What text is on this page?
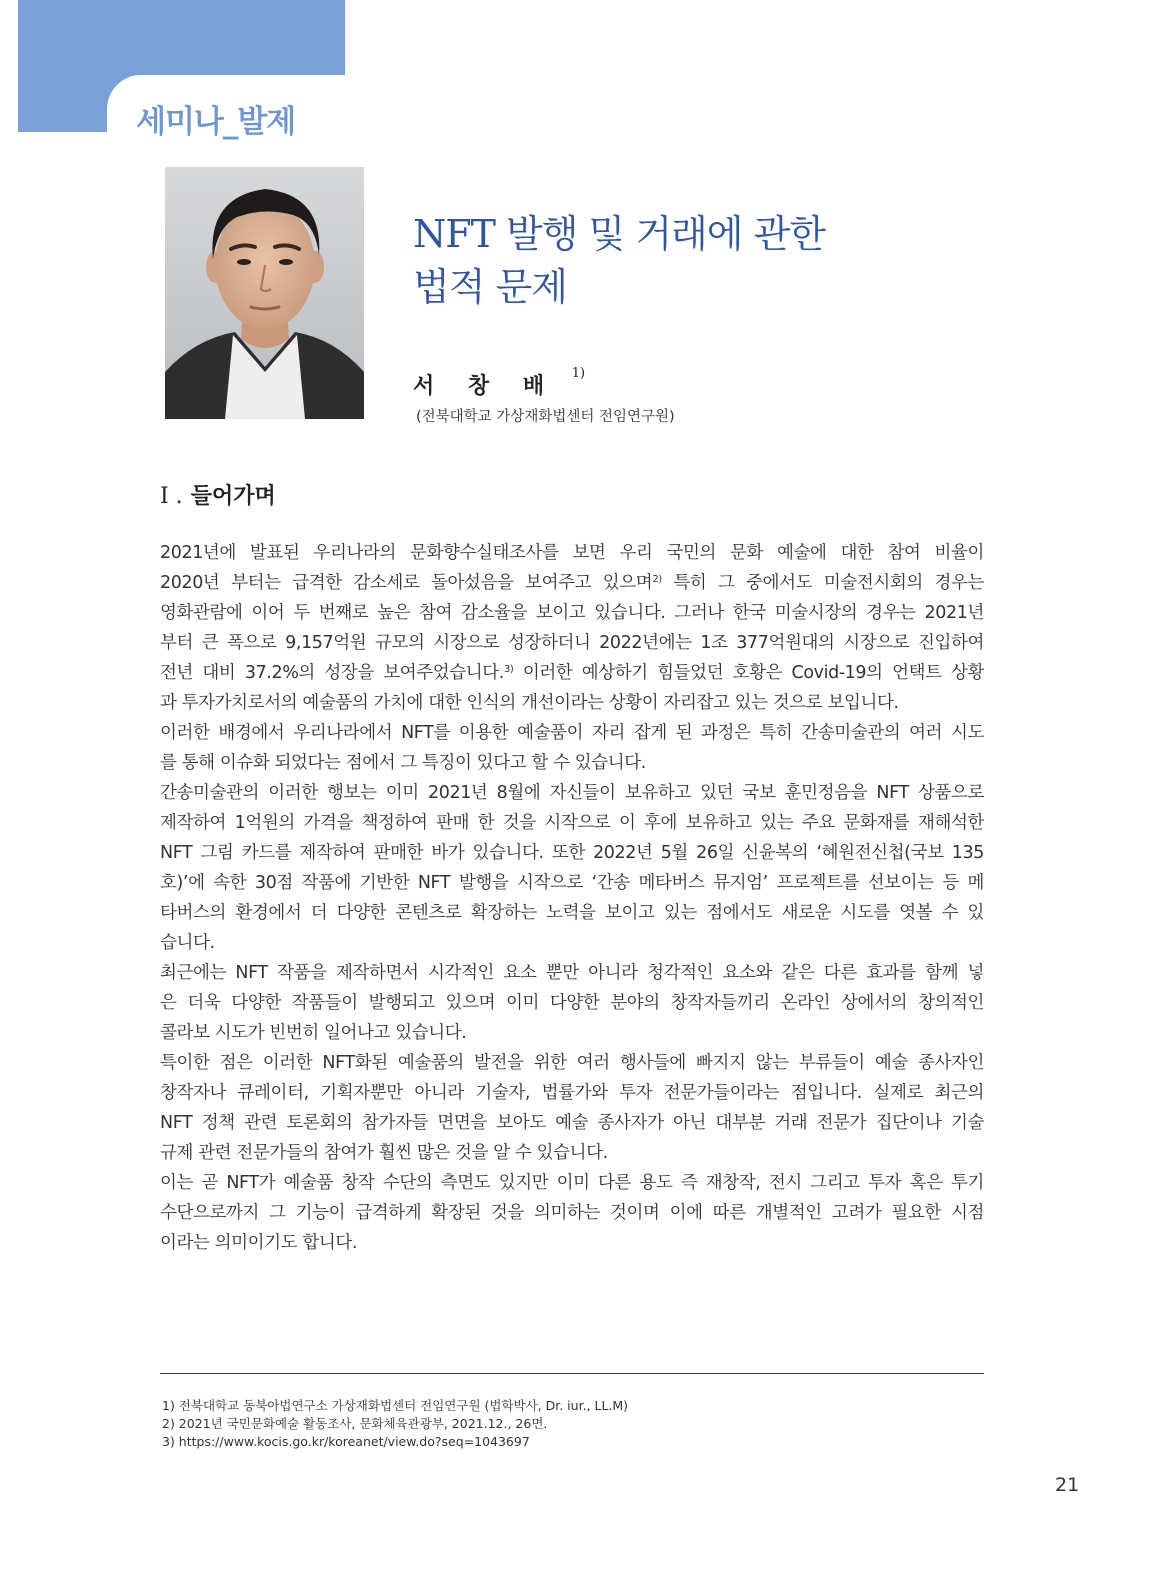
세미나_발제
NFT 발행 및 거래에 관한
법적 문제
서 창 배 $^{1)}$
(전북대학교 가상재화법센터 전임연구원)
I . 들어가며
2021년에 발표된 우리나라의 문화향수실태조사를 보면 우리 국민의 문화 예술에 대한 참여 비율이
2020년 부터는 급격한 감소세로 돌아섰음을 보여주고 있으며$^{2)}$ 특히 그 중에서도 미술전시회의 경우는
영화관람에 이어 두 번째로 높은 참여 감소율을 보이고 있습니다. 그러나 한국 미술시장의 경우는 2021년
부터 큰 폭으로 9,157억원 규모의 시장으로 성장하더니 2022년에는 1조 377억원대의 시장으로 진입하여
전년 대비 37.2%의 성장을 보여주었습니다.$^{3)}$ 이러한 예상하기 힘들었던 호황은 Covid-19의 언택트 상황
과 투자가치로서의 예술품의 가치에 대한 인식의 개선이라는 상황이 자리잡고 있는 것으로 보입니다.
이러한 배경에서 우리나라에서 NFT를 이용한 예술품이 자리 잡게 된 과정은 특히 간송미술관의 여러 시도
를 통해 이슈화 되었다는 점에서 그 특징이 있다고 할 수 있습니다.
간송미술관의 이러한 행보는 이미 2021년 8월에 자신들이 보유하고 있던 국보 훈민정음을 NFT 상품으로
제작하여 1억원의 가격을 책정하여 판매 한 것을 시작으로 이 후에 보유하고 있는 주요 문화재를 재해석한
NFT 그림 카드를 제작하여 판매한 바가 있습니다. 또한 2022년 5월 26일 신윤복의 ‘혜원전신첩(국보 135
호)’에 속한 30점 작품에 기반한 NFT 발행을 시작으로 ‘간송 메타버스 뮤지엄’ 프로젝트를 선보이는 등 메
타버스의 환경에서 더 다양한 콘텐츠로 확장하는 노력을 보이고 있는 점에서도 새로운 시도를 엿볼 수 있
습니다.
최근에는 NFT 작품을 제작하면서 시각적인 요소 뿐만 아니라 청각적인 요소와 같은 다른 효과를 함께 넣
은 더욱 다양한 작품들이 발행되고 있으며 이미 다양한 분야의 창작자들끼리 온라인 상에서의 창의적인
콜라보 시도가 빈번히 일어나고 있습니다.
특이한 점은 이러한 NFT화된 예술품의 발전을 위한 여러 행사들에 빠지지 않는 부류들이 예술 종사자인
창작자나 큐레이터, 기획자뿐만 아니라 기술자, 법률가와 투자 전문가들이라는 점입니다. 실제로 최근의
NFT 정책 관련 토론회의 참가자들 면면을 보아도 예술 종사자가 아닌 대부분 거래 전문가 집단이나 기술
규제 관련 전문가들의 참여가 훨씬 많은 것을 알 수 있습니다.
이는 곧 NFT가 예술품 창작 수단의 측면도 있지만 이미 다른 용도 즉 재창작, 전시 그리고 투자 혹은 투기
수단으로까지 그 기능이 급격하게 확장된 것을 의미하는 것이며 이에 따른 개별적인 고려가 필요한 시점
이라는 의미이기도 합니다.
1) 전북대학교 동북아법연구소 가상재화법센터 전임연구원 (법학박사, Dr. iur., LL.M)
2) 2021년 국민문화예술 활동조사, 문화체육관광부, 2021.12., 26면.
3) https://www.kocis.go.kr/koreanet/view.do?seq=1043697
21
